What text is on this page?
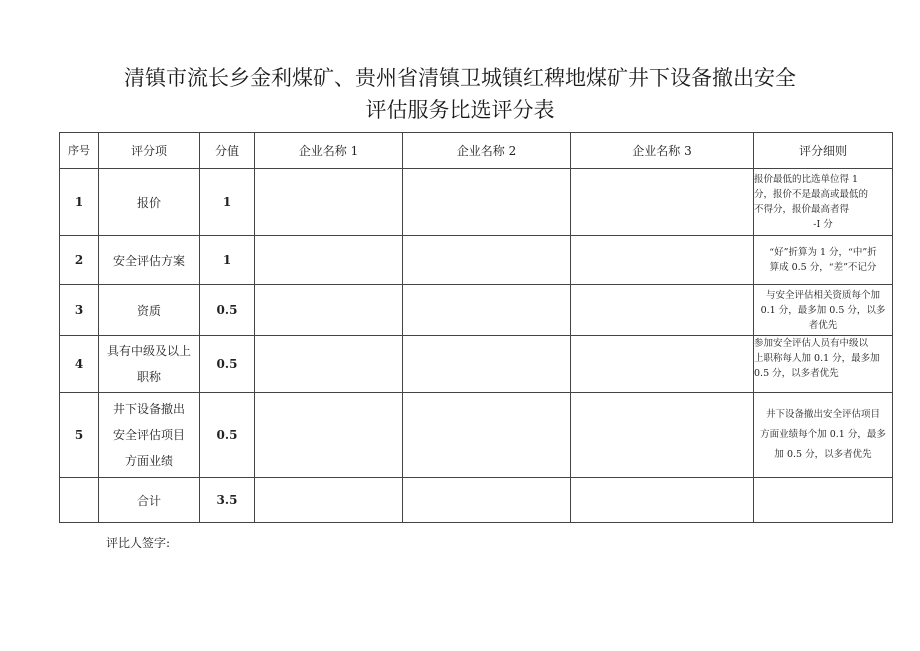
清镇市流长乡金利煤矿、贵州省清镇卫城镇红稗地煤矿井下设备撤出安全
评估服务比选评分表
序号	评分项	分值	企业名称 1	企业名称 2	企业名称 3	评分细则
1	报价	1				报价最低的比选单位得 1
分，报价不是最高或最低的
不得分，报价最高者得
-I 分

2	安全评估方案	1				“好”折算为 1 分，“中”折
算成 0.5 分，“差”不记分

3	资质	0.5				与安全评估相关资质每个加
0.1 分，最多加 0.5 分，以多
者优先

4	具有中级及以上
职称	0.5				参加安全评估人员有中级以
上职称每人加 0.1 分，最多加
0.5 分，以多者优先

5	井下设备撤出
安全评估项目
方面业绩	0.5				井下设备撤出安全评估项目
方面业绩每个加 0.1 分，最多
加 0.5 分，以多者优先

	合计	3.5				
评比人签字:
